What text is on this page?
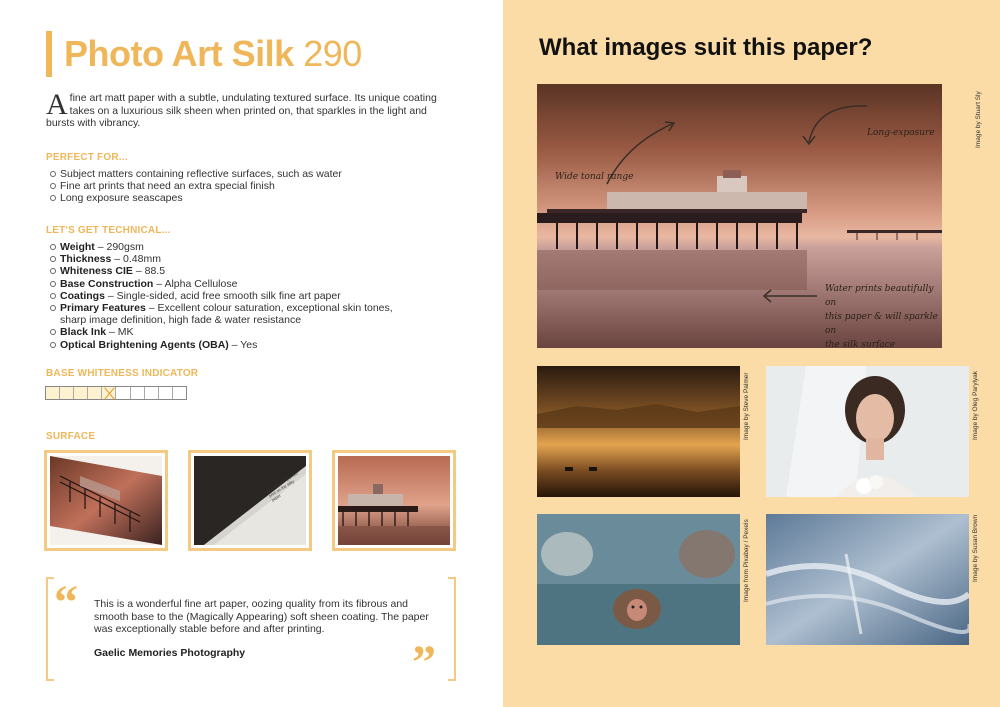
Photo Art Silk 290
A fine art matt paper with a subtle, undulating textured surface. Its unique coating takes on a luxurious silk sheen when printed on, that sparkles in the light and bursts with vibrancy.
PERFECT FOR...
Subject matters containing reflective surfaces, such as water
Fine art prints that need an extra special finish
Long exposure seascapes
LET'S GET TECHNICAL...
Weight – 290gsm
Thickness – 0.48mm
Whiteness CIE – 88.5
Base Construction – Alpha Cellulose
Coatings – Single-sided, acid free smooth silk fine art paper
Primary Features – Excellent colour saturation, exceptional skin tones, sharp image definition, high fade & water resistance
Black Ink – MK
Optical Brightening Agents (OBA) – Yes
BASE WHITENESS INDICATOR
SURFACE
A really strong photo print on the silky paper
“
”
This is a wonderful fine art paper, oozing quality from its fibrous and smooth base to the (Magically Appearing) soft sheen coating. The paper was exceptionally stable before and after printing.
Gaelic Memories Photography
What images suit this paper?
Wide tonal range
Long-exposure
Water prints beautifully on
this paper & will sparkle on
the silk surface
Image by Stuart Sly
Image by Steve Palmer	Image by Oleg Parylyak
Image from Pixabay / Pexels	Image by Susan Brown
